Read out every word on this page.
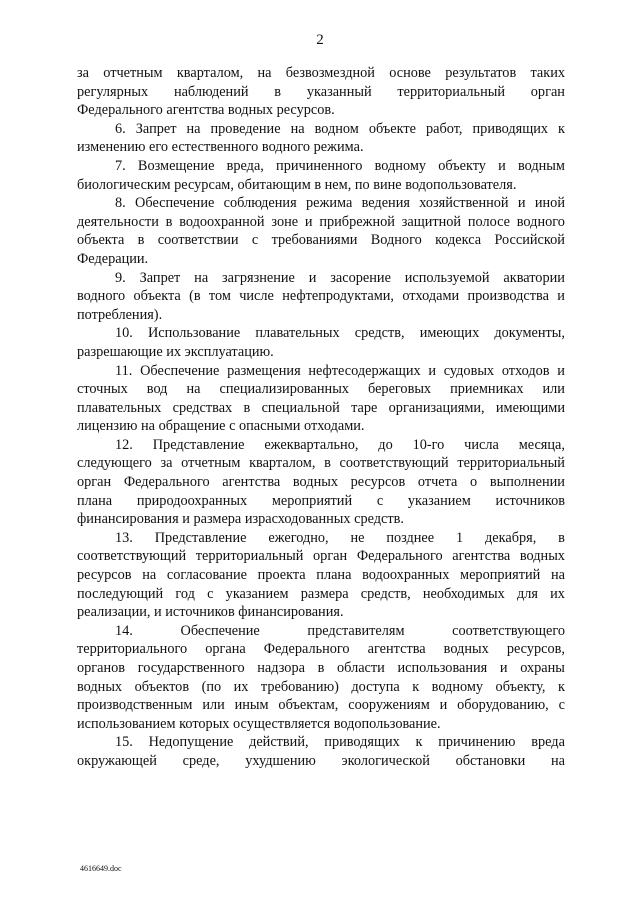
2
за отчетным кварталом, на безвозмездной основе результатов таких
регулярных наблюдений в указанный территориальный орган
Федерального агентства водных ресурсов.
6. Запрет на проведение на водном объекте работ, приводящих к
изменению его естественного водного режима.
7. Возмещение вреда, причиненного водному объекту и водным
биологическим ресурсам, обитающим в нем, по вине водопользователя.
8. Обеспечение соблюдения режима ведения хозяйственной и иной
деятельности в водоохранной зоне и прибрежной защитной полосе водного
объекта в соответствии с требованиями Водного кодекса Российской
Федерации.
9. Запрет на загрязнение и засорение используемой акватории
водного объекта (в том числе нефтепродуктами, отходами производства и
потребления).
10. Использование плавательных средств, имеющих документы,
разрешающие их эксплуатацию.
11. Обеспечение размещения нефтесодержащих и судовых отходов и
сточных вод на специализированных береговых приемниках или
плавательных средствах в специальной таре организациями, имеющими
лицензию на обращение с опасными отходами.
12. Представление ежеквартально, до 10-го числа месяца,
следующего за отчетным кварталом, в соответствующий территориальный
орган Федерального агентства водных ресурсов отчета о выполнении
плана природоохранных мероприятий с указанием источников
финансирования и размера израсходованных средств.
13. Представление ежегодно, не позднее 1 декабря, в
соответствующий территориальный орган Федерального агентства водных
ресурсов на согласование проекта плана водоохранных мероприятий на
последующий год с указанием размера средств, необходимых для их
реализации, и источников финансирования.
14.	Обеспечение	представителям	соответствующего
территориального органа Федерального агентства водных ресурсов,
органов государственного надзора в области использования и охраны
водных объектов (по их требованию) доступа к водному объекту, к
производственным или иным объектам, сооружениям и оборудованию, с
использованием которых осуществляется водопользование.
15. Недопущение действий, приводящих к причинению вреда
окружающей среде, ухудшению экологической обстановки на
4616649.doc
